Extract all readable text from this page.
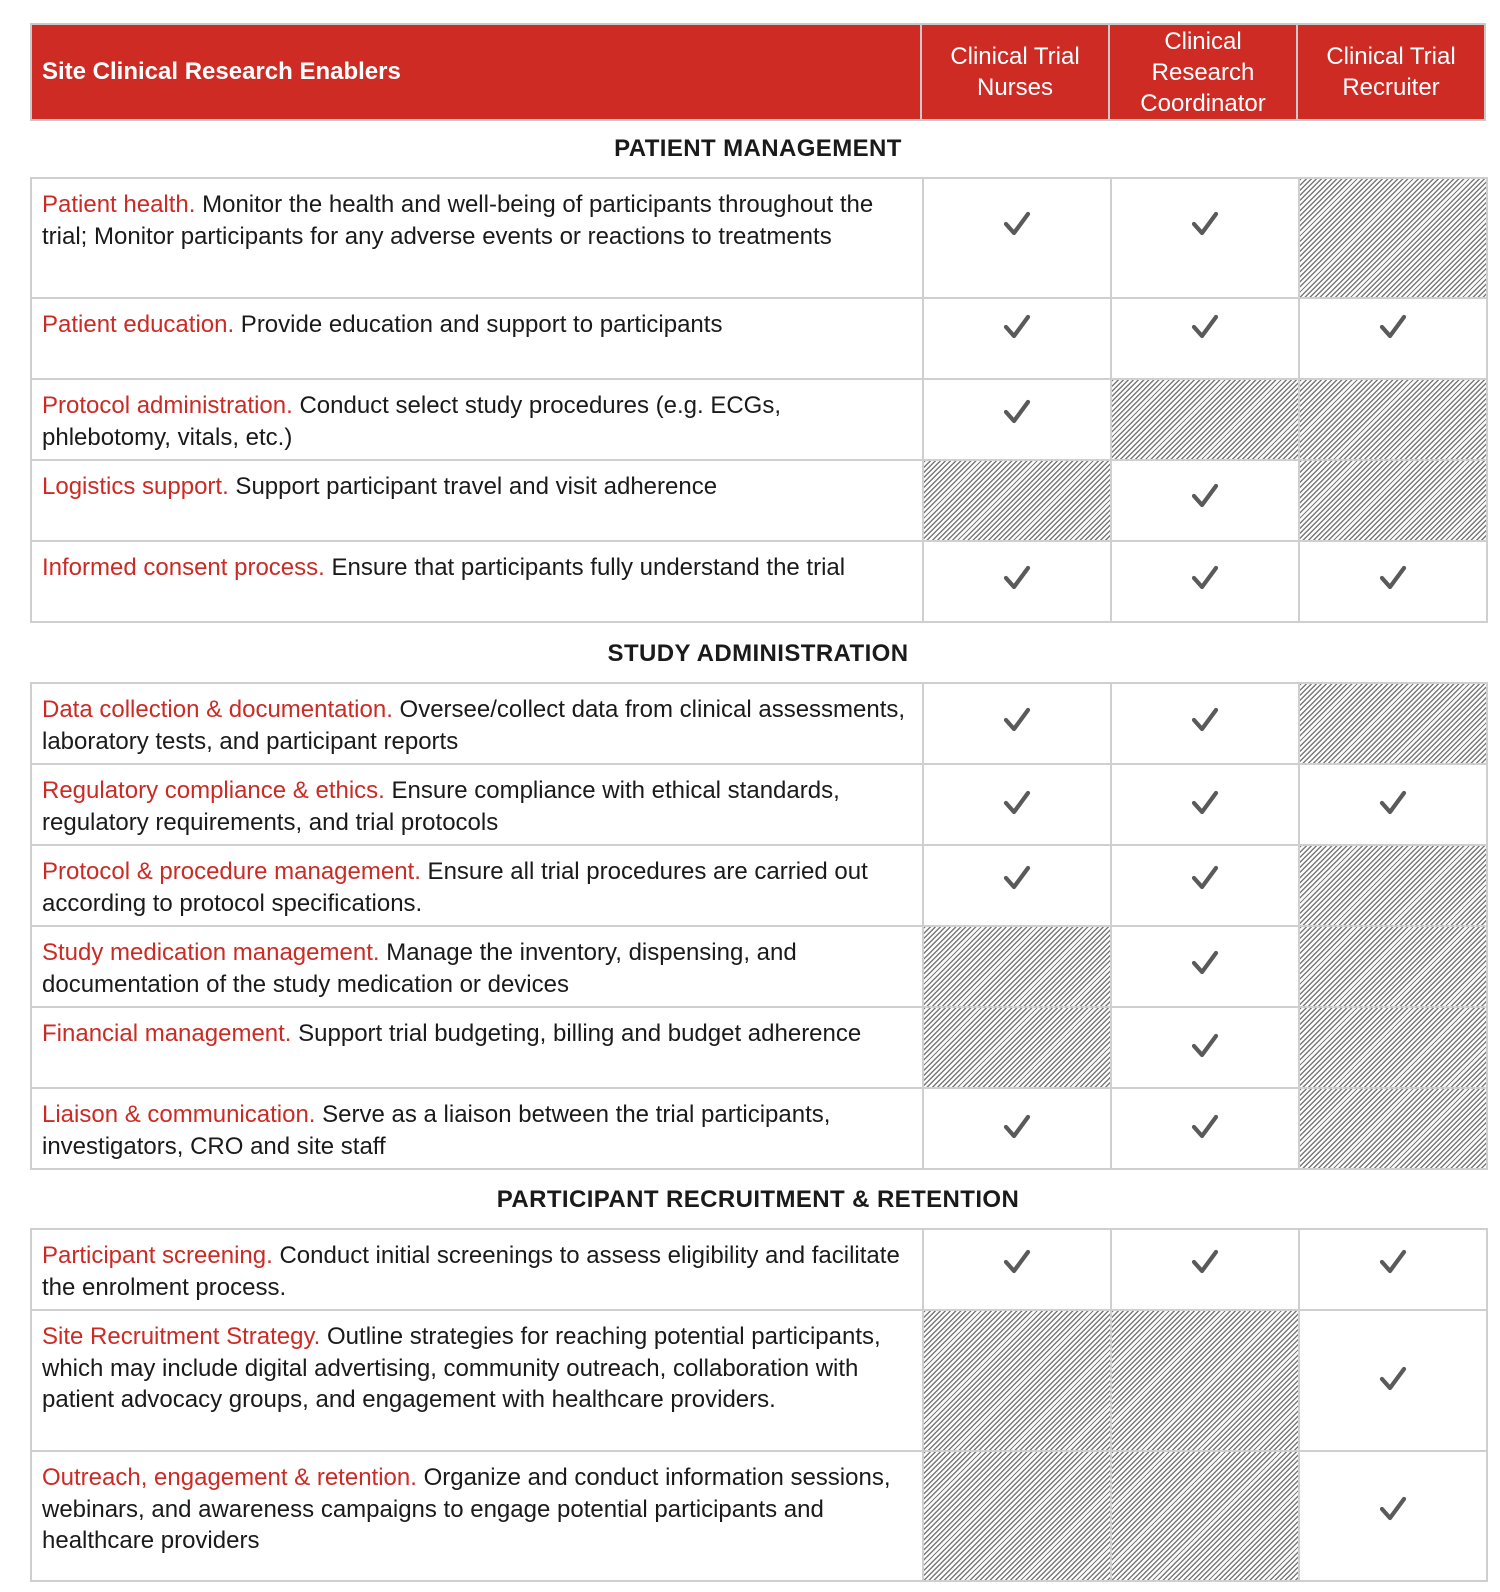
Site Clinical Research Enablers
Clinical Trial Nurses
Clinical Research Coordinator
Clinical Trial Recruiter
PATIENT MANAGEMENT
Patient health. Monitor the health and well-being of participants throughout the trial; Monitor participants for any adverse events or reactions to treatments
Patient education. Provide education and support to participants
Protocol administration. Conduct select study procedures (e.g. ECGs, phlebotomy, vitals, etc.)
Logistics support. Support participant travel and visit adherence
Informed consent process. Ensure that participants fully understand the trial
STUDY ADMINISTRATION
Data collection & documentation. Oversee/collect data from clinical assessments, laboratory tests, and participant reports
Regulatory compliance & ethics. Ensure compliance with ethical standards, regulatory requirements, and trial protocols
Protocol & procedure management. Ensure all trial procedures are carried out according to protocol specifications.
Study medication management. Manage the inventory, dispensing, and documentation of the study medication or devices
Financial management. Support trial budgeting, billing and budget adherence
Liaison & communication. Serve as a liaison between the trial participants, investigators, CRO and site staff
PARTICIPANT RECRUITMENT & RETENTION
Participant screening. Conduct initial screenings to assess eligibility and facilitate the enrolment process.
Site Recruitment Strategy. Outline strategies for reaching potential participants, which may include digital advertising, community outreach, collaboration with patient advocacy groups, and engagement with healthcare providers.
Outreach, engagement & retention. Organize and conduct information sessions, webinars, and awareness campaigns to engage potential participants and healthcare providers
